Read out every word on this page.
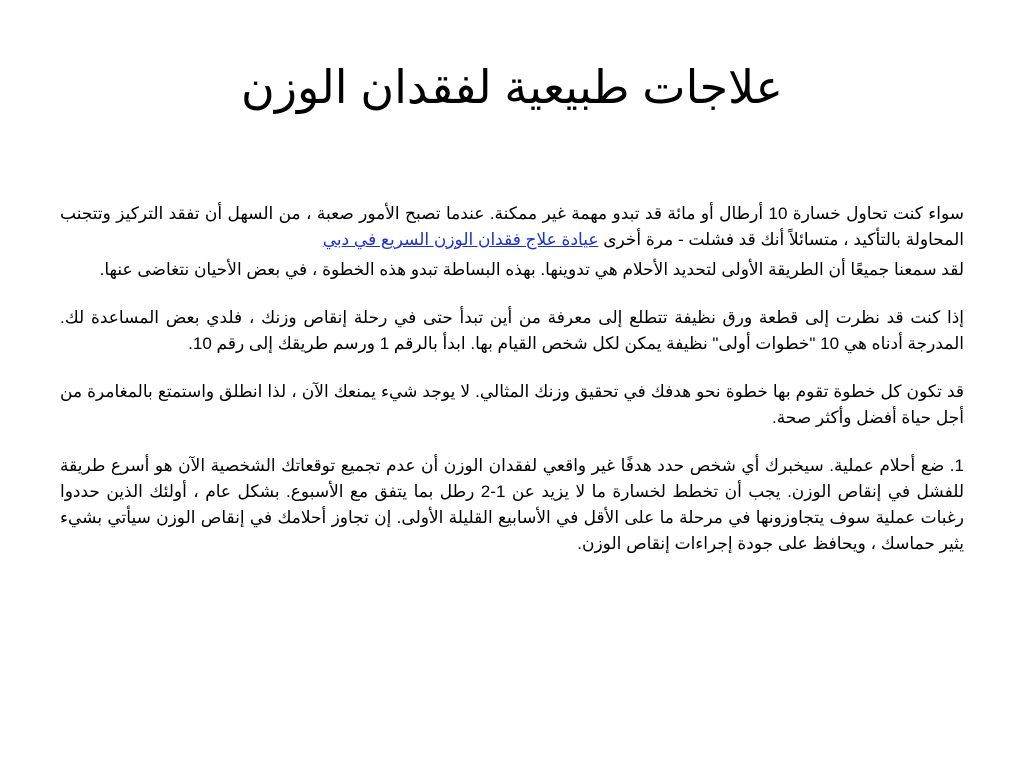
علاجات طبيعية لفقدان الوزن

سواء كنت تحاول خسارة 10 أرطال أو مائة قد تبدو مهمة غير ممكنة. عندما تصبح الأمور صعبة ، من السهل أن تفقد التركيز وتتجنب المحاولة بالتأكيد ، متسائلاً أنك قد فشلت - مرة أخرى عيادة علاج فقدان الوزن السريع في دبي

لقد سمعنا جميعًا أن الطريقة الأولى لتحديد الأحلام هي تدوينها. بهذه البساطة تبدو هذه الخطوة ، في بعض الأحيان نتغاضى عنها.

إذا كنت قد نظرت إلى قطعة ورق نظيفة تتطلع إلى معرفة من أين تبدأ حتى في رحلة إنقاص وزنك ، فلدي بعض المساعدة لك. المدرجة أدناه هي 10 "خطوات أولى" نظيفة يمكن لكل شخص القيام بها. ابدأ بالرقم 1 ورسم طريقك إلى رقم 10.

قد تكون كل خطوة تقوم بها خطوة نحو هدفك في تحقيق وزنك المثالي. لا يوجد شيء يمنعك الآن ، لذا انطلق واستمتع بالمغامرة من أجل حياة أفضل وأكثر صحة.

1. ضع أحلام عملية. سيخبرك أي شخص حدد هدفًا غير واقعي لفقدان الوزن أن عدم تجميع توقعاتك الشخصية الآن هو أسرع طريقة للفشل في إنقاص الوزن. يجب أن تخطط لخسارة ما لا يزيد عن 1-2 رطل بما يتفق مع الأسبوع. بشكل عام ، أولئك الذين حددوا رغبات عملية سوف يتجاوزونها في مرحلة ما على الأقل في الأسابيع القليلة الأولى. إن تجاوز أحلامك في إنقاص الوزن سيأتي بشيء يثير حماسك ، ويحافظ على جودة إجراءات إنقاص الوزن.
